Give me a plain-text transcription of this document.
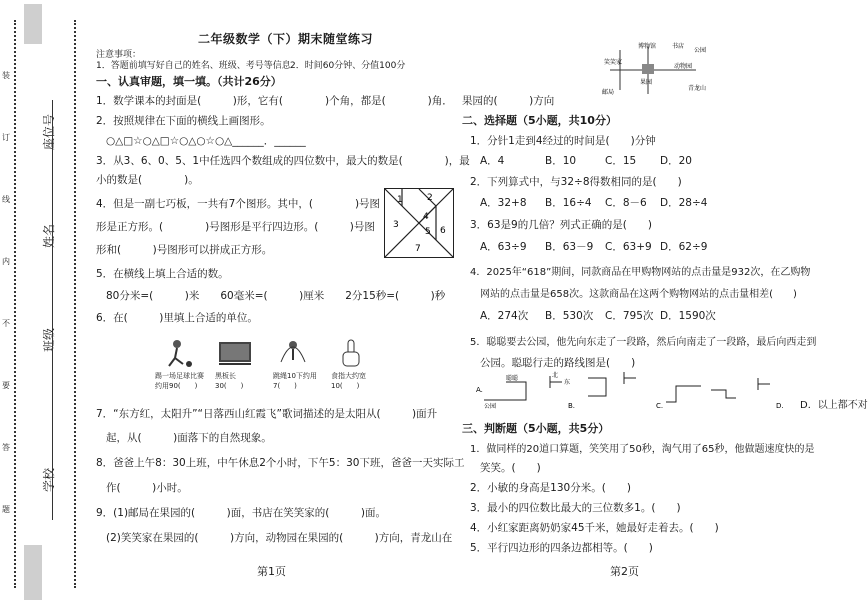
座位号
姓名
班级
学校
装
订
线
内
不
要
答
题
二年级数学（下）期末随堂练习
注意事项：
1．答题前填写好自己的姓名、班级、考号等信息 2．时间60分钟、分值100分
一、认真审题，填一填。（共计26分）
1．数学课本的封面是(　　　)形，它有(　　　　)个角，都是(　　　　)角．
2．按照规律在下面的横线上画图形。
○△□☆○△□☆○△○☆○△______．______
3．从3、6、0、5、1中任选四个数组成的四位数中，最大的数是(　　　　)，最
小的数是(　　　　)。
4．但是一副七巧板，一共有7个图形。其中，(　　　　)号图
形是正方形。(　　　　)号图形是平行四边形。(　　　)号图
形和(　　　)号图形可以拼成正方形。
1	2
3
4
5 6
7
5．在横线上填上合适的数。
80分米=(　　　)米　　60毫米=(　　　)厘米　　2分15秒=(　　　)秒
6．在(　　　)里填上合适的单位。
踢一场足球比赛约用90(　　)
黑板长30(　　)
跳绳10下约用7(　　)
食指大约宽10(　　)
7．“东方红，太阳升”“日落西山红霞飞”歌词描述的是太阳从(　　　)面升
起，从(　　　)面落下的自然现象。
8．爸爸上午8：30上班，中午休息2个小时，下午5：30下班，爸爸一天实际工
作(　　　)小时。
9．(1)邮局在果园的(　　　)面，书店在笑笑家的(　　　)面。
(2)笑笑家在果园的(　　　)方向，动物园在果园的(　　　)方向，青龙山在
第1页
博物馆	书店
公园
笑笑家
动物园
邮局
青龙山
果园
果园的(　　　)方向
二、选择题（5小题，共10分）
1．分针1走到4经过的时间是(　　)分钟
A．4	B．10	C．15 D．20
2．下列算式中，与32÷8得数相同的是(　　)
A．32+8 B．16÷4 C．8－6 D．28÷4
3．63是9的几倍？列式正确的是(　　)
A．63÷9 B．63－9 C．63+9 D．62÷9
4．2025年“618”期间，同款商品在甲购物网站的点击量是932次，在乙购物
网站的点击量是658次。这款商品在这两个购物网站的点击量相差(　　)
A．274次 B．530次 C．795次 D．1590次
5．聪聪要去公园，他先向东走了一段路，然后向南走了一段路，最后向西走到
公园。聪聪行走的路线图是(　　)
A.
B.	C.	D.
聪聪
公园
北
东
D．以上都不对
三、判断题（5小题，共5分）
1．做同样的20道口算题，笑笑用了50秒，淘气用了65秒，他做题速度快的是
笑笑。(　　)
2．小敏的身高是130分米。(　　)
3．最小的四位数比最大的三位数多1。(　　)
4．小红家距离奶奶家45千米，她最好走着去。(　　)
5．平行四边形的四条边都相等。(　　)
第2页
